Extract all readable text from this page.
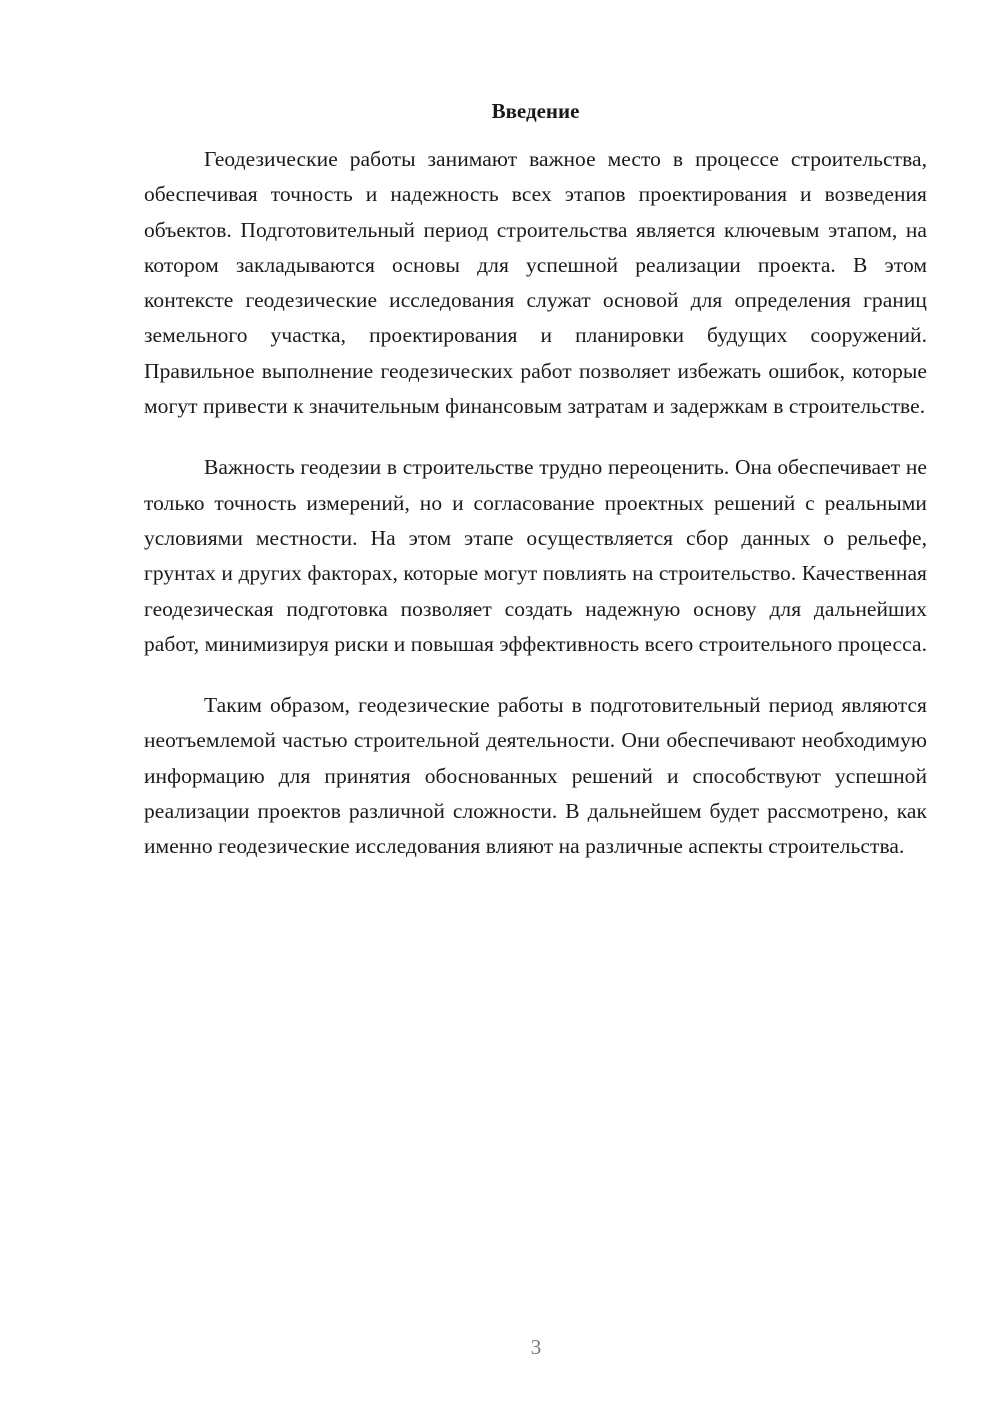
Введение

Геодезические работы занимают важное место в процессе строительства, обеспечивая точность и надежность всех этапов проектирования и возведения объектов. Подготовительный период строительства является ключевым этапом, на котором закладываются основы для успешной реализации проекта. В этом контексте геодезические исследования служат основой для определения границ земельного участка, проектирования и планировки будущих сооружений. Правильное выполнение геодезических работ позволяет избежать ошибок, которые могут привести к значительным финансовым затратам и задержкам в строительстве.

Важность геодезии в строительстве трудно переоценить. Она обеспечивает не только точность измерений, но и согласование проектных решений с реальными условиями местности. На этом этапе осуществляется сбор данных о рельефе, грунтах и других факторах, которые могут повлиять на строительство. Качественная геодезическая подготовка позволяет создать надежную основу для дальнейших работ, минимизируя риски и повышая эффективность всего строительного процесса.

Таким образом, геодезические работы в подготовительный период являются неотъемлемой частью строительной деятельности. Они обеспечивают необходимую информацию для принятия обоснованных решений и способствуют успешной реализации проектов различной сложности. В дальнейшем будет рассмотрено, как именно геодезические исследования влияют на различные аспекты строительства.

3
